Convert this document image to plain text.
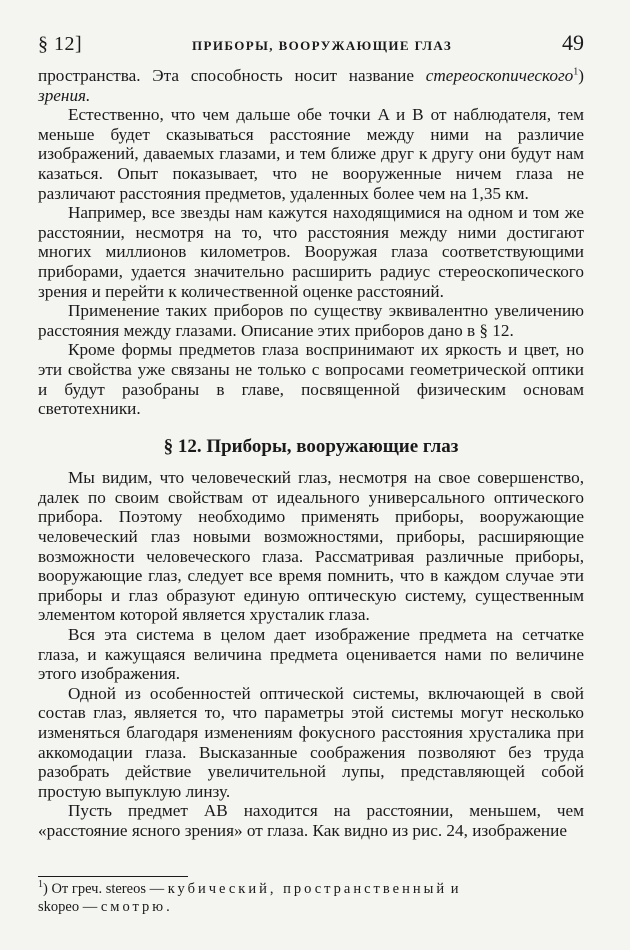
§ 12]	ПРИБОРЫ, ВООРУЖАЮЩИЕ ГЛАЗ	49

пространства. Эта способность носит название стереоскопического$^1$) зрения.

Естественно, что чем дальше обе точки A и B от наблюдателя, тем меньше будет сказываться расстояние между ними на различие изображений, даваемых глазами, и тем ближе друг к другу они будут нам казаться. Опыт показывает, что не вооруженные ничем глаза не различают расстояния предметов, удаленных более чем на 1,35 км.

Например, все звезды нам кажутся находящимися на одном и том же расстоянии, несмотря на то, что расстояния между ними достигают многих миллионов километров. Вооружая глаза соответствующими приборами, удается значительно расширить радиус стереоскопического зрения и перейти к количественной оценке расстояний.

Применение таких приборов по существу эквивалентно увеличению расстояния между глазами. Описание этих приборов дано в § 12.

Кроме формы предметов глаза воспринимают их яркость и цвет, но эти свойства уже связаны не только с вопросами геометрической оптики и будут разобраны в главе, посвященной физическим основам светотехники.

§ 12. Приборы, вооружающие глаз

Мы видим, что человеческий глаз, несмотря на свое совершенство, далек по своим свойствам от идеального универсального оптического прибора. Поэтому необходимо применять приборы, вооружающие человеческий глаз новыми возможностями, приборы, расширяющие возможности человеческого глаза. Рассматривая различные приборы, вооружающие глаз, следует все время помнить, что в каждом случае эти приборы и глаз образуют единую оптическую систему, существенным элементом которой является хрусталик глаза.

Вся эта система в целом дает изображение предмета на сетчатке глаза, и кажущаяся величина предмета оценивается нами по величине этого изображения.

Одной из особенностей оптической системы, включающей в свой состав глаз, является то, что параметры этой системы могут несколько изменяться благодаря изменениям фокусного расстояния хрусталика при аккомодации глаза. Высказанные соображения позволяют без труда разобрать действие увеличительной лупы, представляющей собой простую выпуклую линзу.

Пусть предмет AB находится на расстоянии, меньшем, чем «расстояние ясного зрения» от глаза. Как видно из рис. 24, изображение

$^1$) От греч. stereos — кубический, пространственный и

skopeo — смотрю.
